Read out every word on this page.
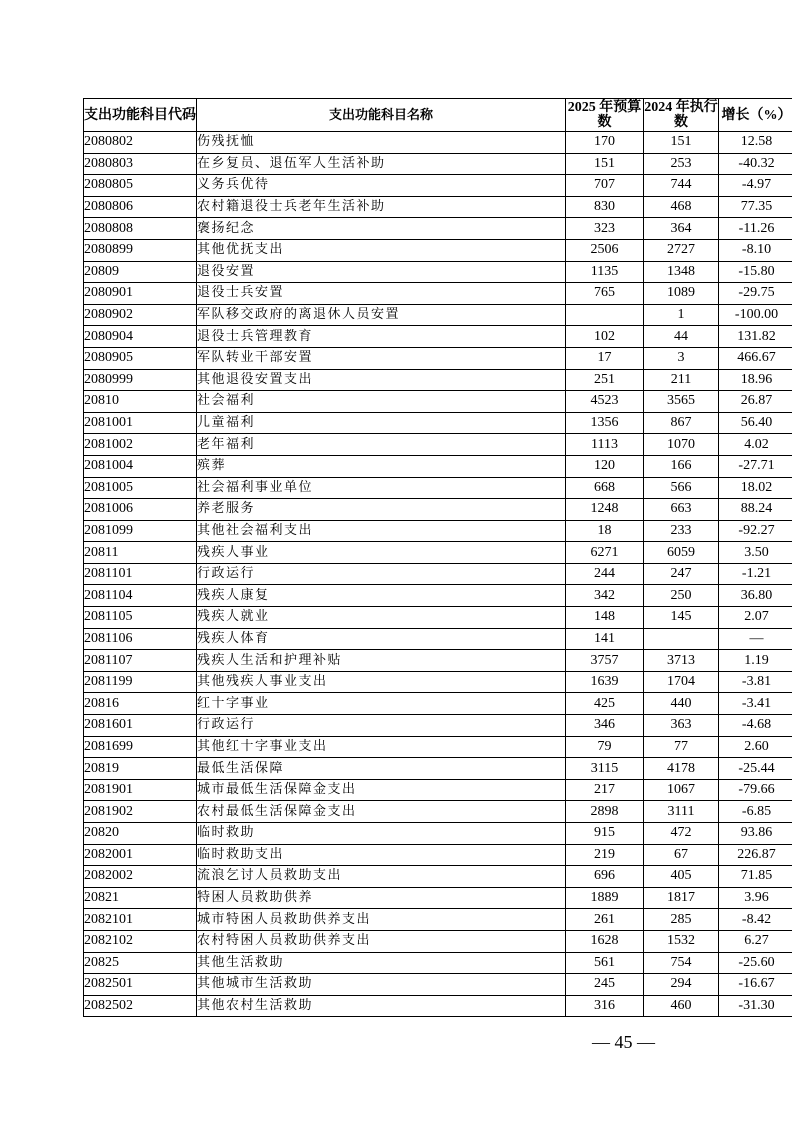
支出功能科目代码	支出功能科目名称	2025 年预算数	2024 年执行数	增长（%）
2080802	伤残抚恤	170	151	12.58
2080803	在乡复员、退伍军人生活补助	151	253	-40.32
2080805	义务兵优待	707	744	-4.97
2080806	农村籍退役士兵老年生活补助	830	468	77.35
2080808	褒扬纪念	323	364	-11.26
2080899	其他优抚支出	2506	2727	-8.10
20809	退役安置	1135	1348	-15.80
2080901	退役士兵安置	765	1089	-29.75
2080902	军队移交政府的离退休人员安置		1	-100.00
2080904	退役士兵管理教育	102	44	131.82
2080905	军队转业干部安置	17	3	466.67
2080999	其他退役安置支出	251	211	18.96
20810	社会福利	4523	3565	26.87
2081001	儿童福利	1356	867	56.40
2081002	老年福利	1113	1070	4.02
2081004	殡葬	120	166	-27.71
2081005	社会福利事业单位	668	566	18.02
2081006	养老服务	1248	663	88.24
2081099	其他社会福利支出	18	233	-92.27
20811	残疾人事业	6271	6059	3.50
2081101	行政运行	244	247	-1.21
2081104	残疾人康复	342	250	36.80
2081105	残疾人就业	148	145	2.07
2081106	残疾人体育	141		—
2081107	残疾人生活和护理补贴	3757	3713	1.19
2081199	其他残疾人事业支出	1639	1704	-3.81
20816	红十字事业	425	440	-3.41
2081601	行政运行	346	363	-4.68
2081699	其他红十字事业支出	79	77	2.60
20819	最低生活保障	3115	4178	-25.44
2081901	城市最低生活保障金支出	217	1067	-79.66
2081902	农村最低生活保障金支出	2898	3111	-6.85
20820	临时救助	915	472	93.86
2082001	临时救助支出	219	67	226.87
2082002	流浪乞讨人员救助支出	696	405	71.85
20821	特困人员救助供养	1889	1817	3.96
2082101	城市特困人员救助供养支出	261	285	-8.42
2082102	农村特困人员救助供养支出	1628	1532	6.27
20825	其他生活救助	561	754	-25.60
2082501	其他城市生活救助	245	294	-16.67
2082502	其他农村生活救助	316	460	-31.30
— 45 —
